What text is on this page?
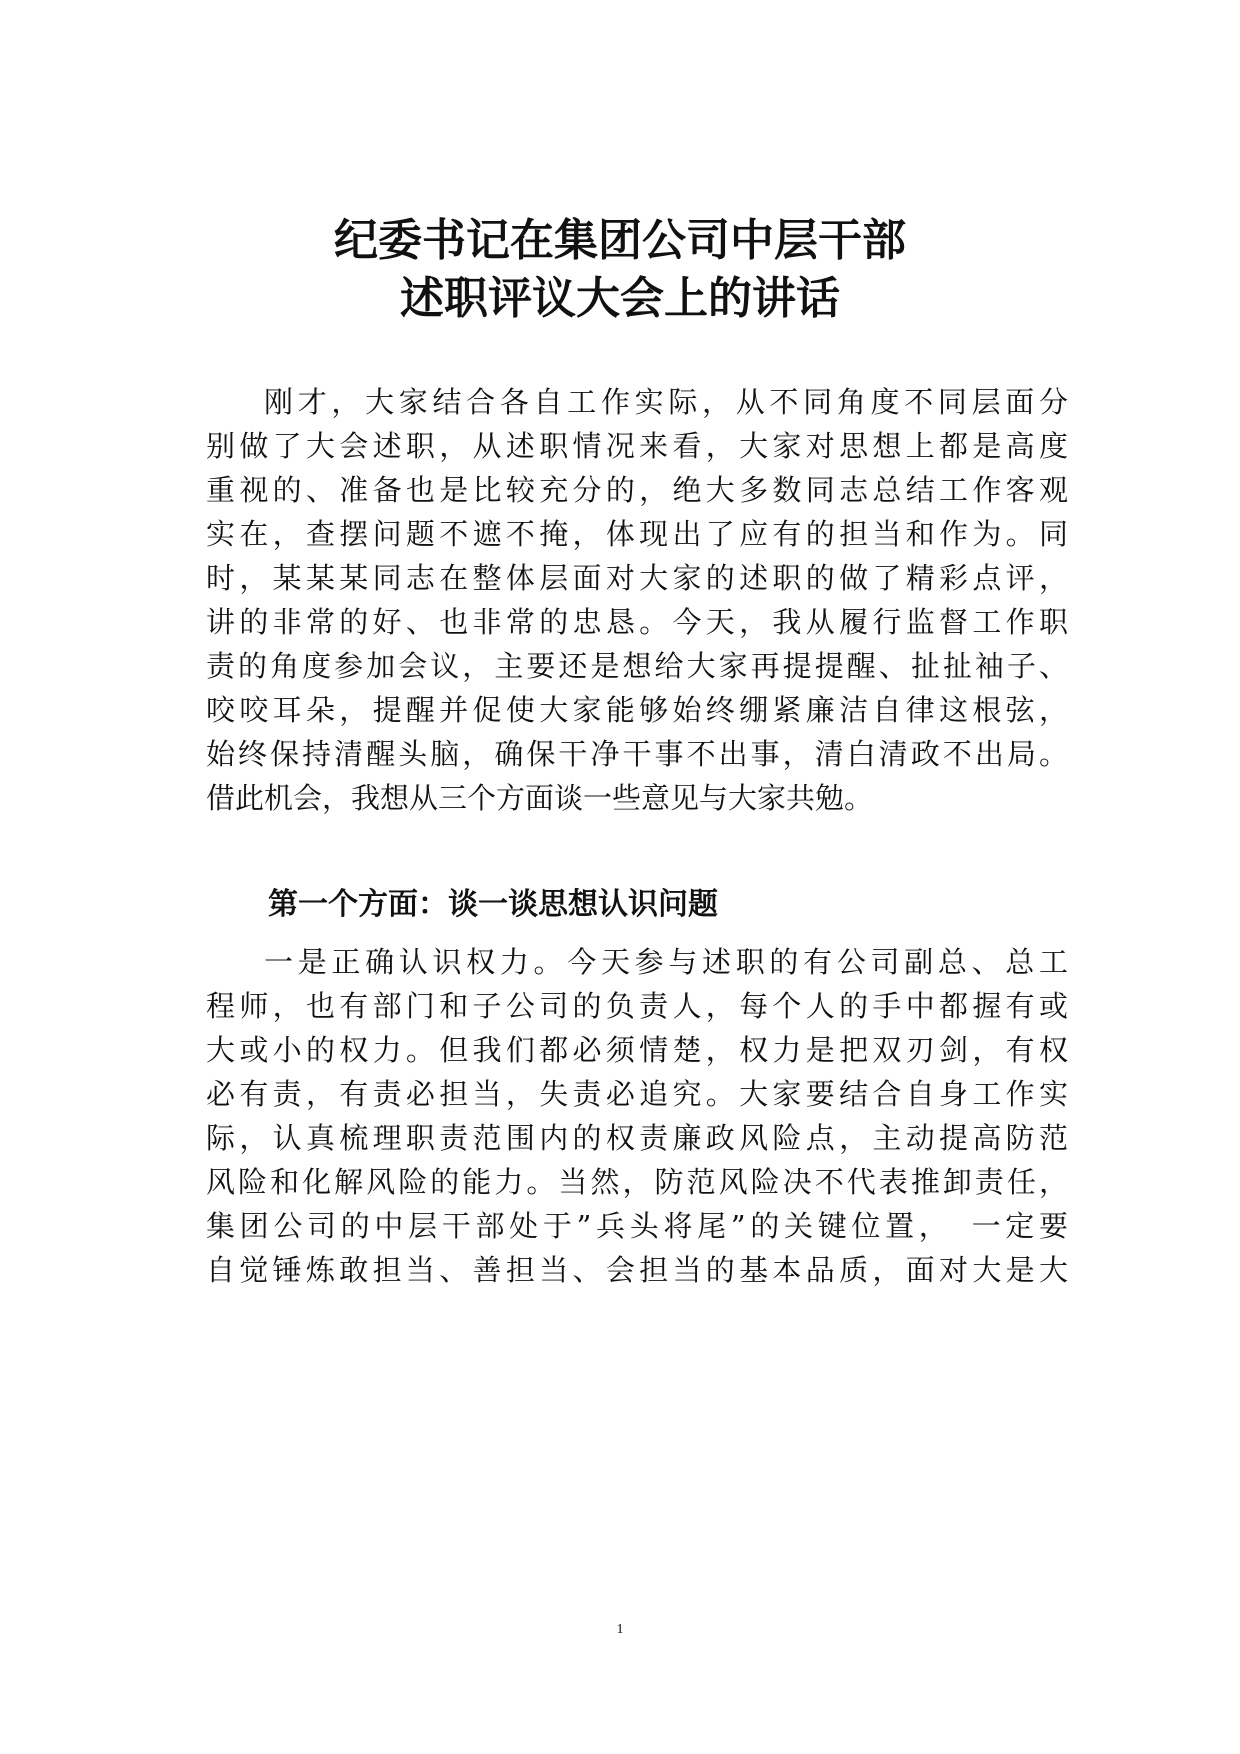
纪委书记在集团公司中层干部
述职评议大会上的讲话
刚才，大家结合各自工作实际，从不同角度不同层面分
别做了大会述职，从述职情况来看，大家对思想上都是高度
重视的、准备也是比较充分的，绝大多数同志总结工作客观
实在，查摆问题不遮不掩，体现出了应有的担当和作为。同
时，某某某同志在整体层面对大家的述职的做了精彩点评，
讲的非常的好、也非常的忠恳。今天，我从履行监督工作职
责的角度参加会议，主要还是想给大家再提提醒、扯扯袖子、
咬咬耳朵，提醒并促使大家能够始终绷紧廉洁自律这根弦，
始终保持清醒头脑，确保干净干事不出事，清白清政不出局。
借此机会，我想从三个方面谈一些意见与大家共勉。
第一个方面：谈一谈思想认识问题
一是正确认识权力。今天参与述职的有公司副总、总工
程师，也有部门和子公司的负责人，每个人的手中都握有或
大或小的权力。但我们都必须情楚，权力是把双刃剑，有权
必有责，有责必担当，失责必追究。大家要结合自身工作实
际，认真梳理职责范围内的权责廉政风险点，主动提高防范
风险和化解风险的能力。当然，防范风险决不代表推卸责任，
集团公司的中层干部处于”兵头将尾”的关键位置，　一定要
自觉锤炼敢担当、善担当、会担当的基本品质，面对大是大
1
